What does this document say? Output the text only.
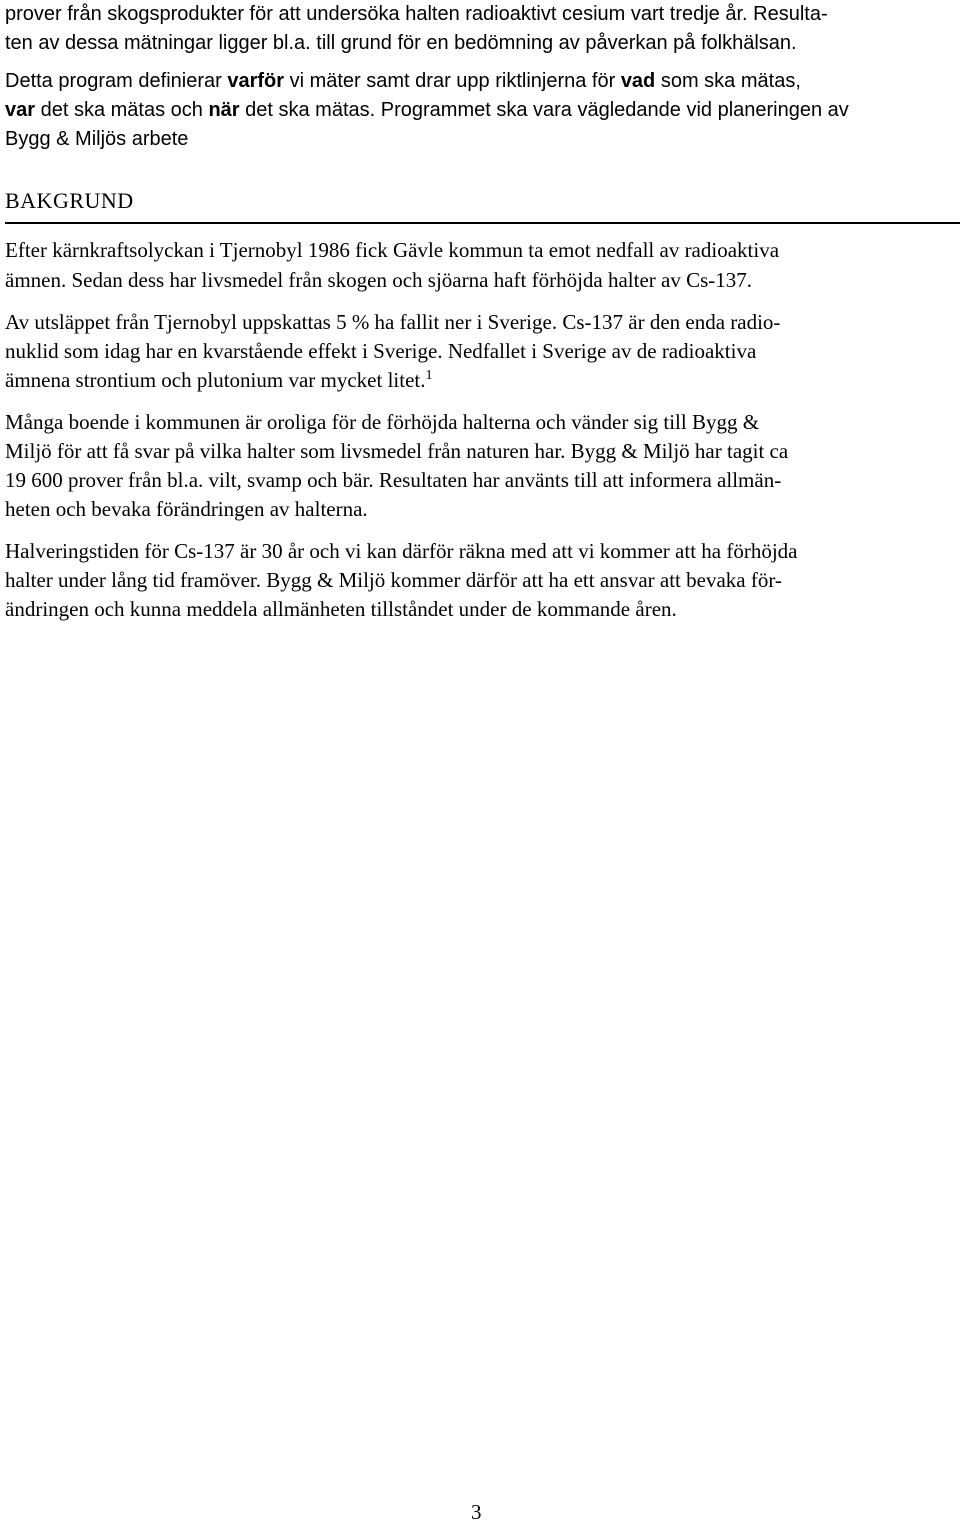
prover från skogsprodukter för att undersöka halten radioaktivt cesium vart tredje år. Resulta-
ten av dessa mätningar ligger bl.a. till grund för en bedömning av påverkan på folkhälsan.
Detta program definierar varför vi mäter samt drar upp riktlinjerna för vad som ska mätas,
var det ska mätas och när det ska mätas. Programmet ska vara vägledande vid planeringen av
Bygg & Miljös arbete
BAKGRUND
Efter kärnkraftsolyckan i Tjernobyl 1986 fick Gävle kommun ta emot nedfall av radioaktiva
ämnen. Sedan dess har livsmedel från skogen och sjöarna haft förhöjda halter av Cs-137.
Av utsläppet från Tjernobyl uppskattas 5 % ha fallit ner i Sverige. Cs-137 är den enda radio-
nuklid som idag har en kvarstående effekt i Sverige. Nedfallet i Sverige av de radioaktiva
ämnena strontium och plutonium var mycket litet.$^1$
Många boende i kommunen är oroliga för de förhöjda halterna och vänder sig till Bygg &
Miljö för att få svar på vilka halter som livsmedel från naturen har. Bygg & Miljö har tagit ca
19 600 prover från bl.a. vilt, svamp och bär. Resultaten har använts till att informera allmän-
heten och bevaka förändringen av halterna.
Halveringstiden för Cs-137 är 30 år och vi kan därför räkna med att vi kommer att ha förhöjda
halter under lång tid framöver. Bygg & Miljö kommer därför att ha ett ansvar att bevaka för-
ändringen och kunna meddela allmänheten tillståndet under de kommande åren.
3
